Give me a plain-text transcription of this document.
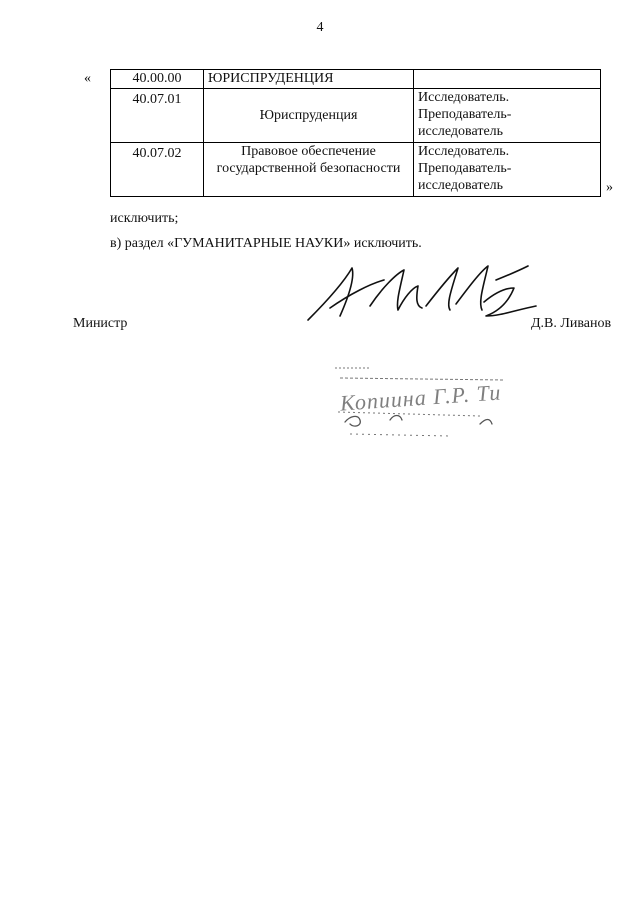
4
«	40.00.00	ЮРИСПРУДЕНЦИЯ	
40.07.01	Юриспруденция	Исследователь.
Преподаватель-
исследователь

40.07.02	Правовое обеспечение
государственной безопасности	Исследователь.
Преподаватель-
исследователь	»
исключить;
в) раздел «ГУМАНИТАРНЫЕ НАУКИ» исключить.
Министр	Д.В. Ливанов
Копиина Г.Р. Ти
